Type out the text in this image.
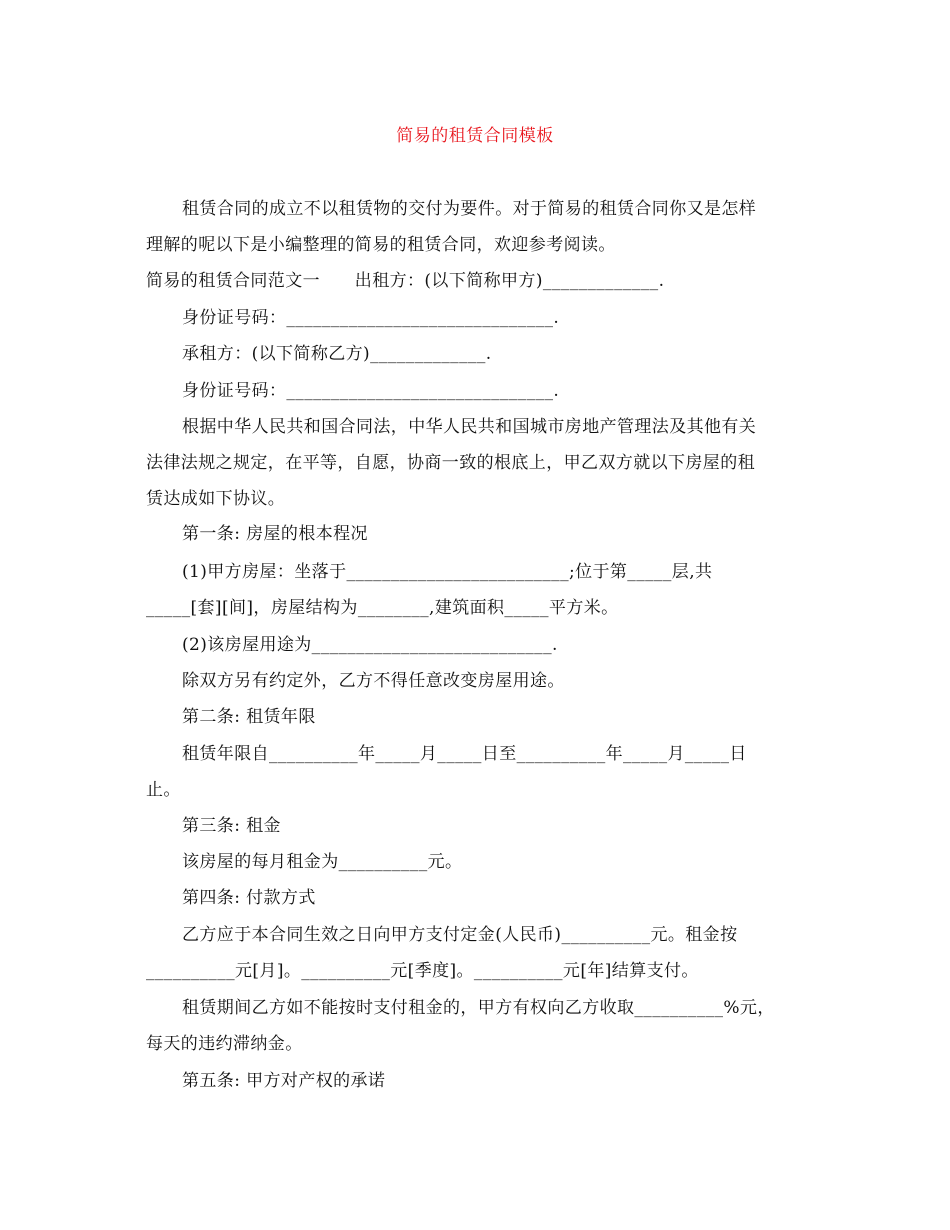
简易的租赁合同模板
租赁合同的成立不以租赁物的交付为要件。对于简易的租赁合同你又是怎样
理解的呢以下是小编整理的简易的租赁合同，欢迎参考阅读。
简易的租赁合同范文一　　出租方：(以下简称甲方)_____________.
身份证号码：______________________________.
承租方：(以下简称乙方)_____________.
身份证号码：______________________________.
根据中华人民共和国合同法，中华人民共和国城市房地产管理法及其他有关
法律法规之规定，在平等，自愿，协商一致的根底上，甲乙双方就以下房屋的租
赁达成如下协议。
第一条: 房屋的根本程况
(1)甲方房屋：坐落于_________________________;位于第_____层,共
_____[套][间]，房屋结构为________,建筑面积_____平方米。
(2)该房屋用途为___________________________.
除双方另有约定外，乙方不得任意改变房屋用途。
第二条: 租赁年限
租赁年限自__________年_____月_____日至__________年_____月_____日
止。
第三条: 租金
该房屋的每月租金为__________元。
第四条: 付款方式
乙方应于本合同生效之日向甲方支付定金(人民币)__________元。租金按
__________元[月]。__________元[季度]。__________元[年]结算支付。
租赁期间乙方如不能按时支付租金的，甲方有权向乙方收取__________%元，
每天的违约滞纳金。
第五条: 甲方对产权的承诺
